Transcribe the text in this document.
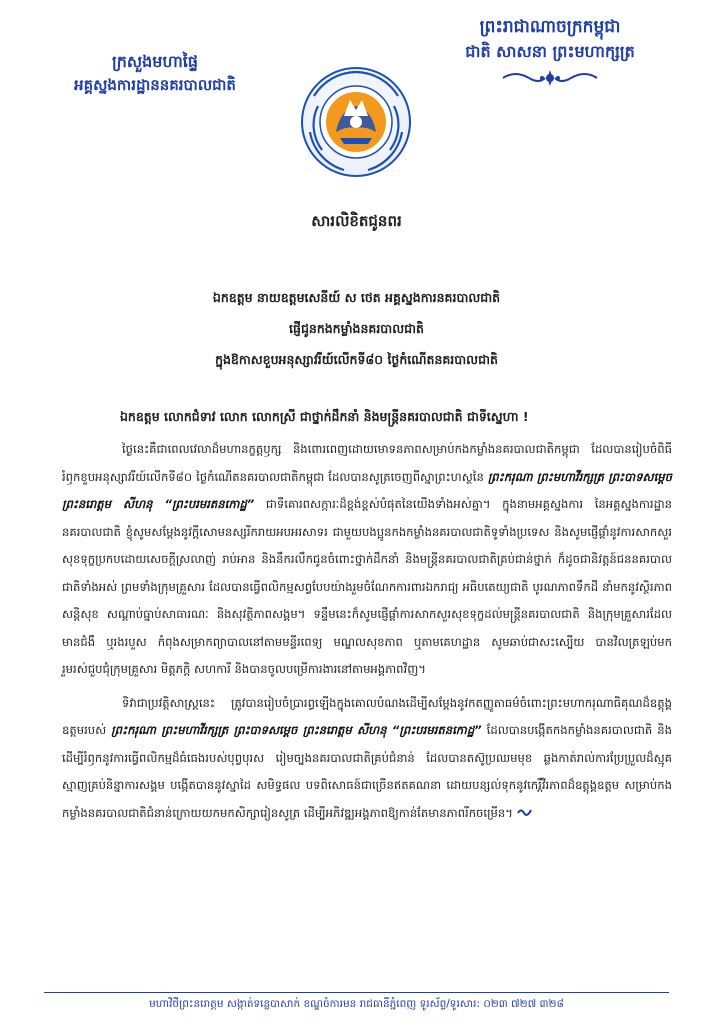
ក្រសួងមហាផ្ទៃ
អគ្គស្នងការដ្ឋាននគរបាលជាតិ
ព្រះរាជាណាចក្រកម្ពុជា
ជាតិ សាសនា ព្រះមហាក្សត្រ
សារលិខិតជូនពរ
ឯកឧត្តម នាយឧត្តមសេនីយ៍ ស ថេត អគ្គស្នងការនគរបាលជាតិ
ផ្ញើជូនកងកម្លាំងនគរបាលជាតិ
ក្នុងឱកាសខួបអនុស្សាវរីយ៍លើកទី៨០ ថ្ងៃកំណើតនគរបាលជាតិ
ឯកឧត្តម លោកជំទាវ លោក លោកស្រី ជាថ្នាក់ដឹកនាំ និងមន្ត្រីនគរបាលជាតិ ជាទីស្នេហា !

ថ្ងៃនេះគឺជាពេលវេលាដ៏មហានក្ខត្តឫក្ស និងពោរពេញដោយមោទនភាពសម្រាប់កងកម្លាំងនគរបាលជាតិកម្ពុជា ដែលបានរៀបចំពិធីរំឭកខួបអនុស្សាវរីយ៍លើកទី៨០ ថ្ងៃកំណើតនគរបាលជាតិកម្ពុជា ដែលបានសូត្រចេញពីស្នាព្រះហស្ថនៃ ព្រះករុណា ព្រះមហាវីរក្សត្រ ព្រះបាទសម្តេចព្រះនរោត្តម សីហនុ “ព្រះបរមរតនកោដ្ឋ” ជាទីគោរពសក្ការៈដ៏ខ្ពង់ខ្ពស់បំផុតនៃយើងទាំងអស់គ្នា។ ក្នុងនាមអគ្គស្នងការ នៃអគ្គស្នងការដ្ឋាននគរបាលជាតិ ខ្ញុំសូមសម្តែងនូវក្តីសោមនស្សរីករាយអបអរសាទរ ជាមួយបងប្អូនកងកម្លាំងនគរបាលជាតិទូទាំងប្រទេស និងសូមផ្ញើផ្តាំនូវការសាកសួរសុខទុក្ខប្រកបដោយសេចក្តីស្រលាញ់ រាប់អាន និងនឹករលឹកជូនចំពោះថ្នាក់ដឹកនាំ និងមន្ត្រីនគរបាលជាតិគ្រប់ជាន់ថ្នាក់ ក៏ដូចជានិវត្តន៍ជននគរបាលជាតិទាំងអស់ ព្រមទាំងក្រុមគ្រួសារ ដែលបានធ្វើពលិកម្មសព្វបែបយ៉ាងរួមចំណែកការពារឯករាជ្យ អធិបតេយ្យជាតិ បូរណភាពទឹកដី នាំមកនូវស្ថិរភាពសន្តិសុខ សណ្តាប់ធ្នាប់សាធារណៈ និងសុវត្ថិភាពសង្គម។ ទន្ទឹមនេះក៏សូមផ្ញើផ្តាំការសាកសួរសុខទុក្ខដល់មន្ត្រីនគរបាលជាតិ និងក្រុមគ្រួសារដែលមានជំងឺ ឬរងរបួស កំពុងសម្រាកព្យាបាលនៅតាមមន្ទីរពេទ្យ មណ្ឌលសុខភាព ឬតាមគេហដ្ឋាន សូមឆាប់ជាសះស្បើយ បានវិលត្រឡប់មករួមរស់ជួបជុំក្រុមគ្រួសារ មិត្តភក្តិ សហការី និងបានចូលបម្រើការងារនៅតាមអង្គភាពវិញ។

ទិវាជាប្រវត្តិសាស្ត្រនេះ ត្រូវបានរៀបចំប្រារព្ធឡើងក្នុងគោលបំណងដើម្បីសម្តែងនូវកតញ្ញូតាធម៌ចំពោះព្រះមហាករុណាធិគុណដ៏ឧត្តុង្គឧត្តមរបស់ ព្រះករុណា ព្រះមហាវីរក្សត្រ ព្រះបាទសម្តេច ព្រះនរោត្តម សីហនុ “ព្រះបរមរតនកោដ្ឋ” ដែលបានបង្កើតកងកម្លាំងនគរបាលជាតិ និងដើម្បីរំឭកនូវការធ្វើពលិកម្មដ៏ធំធេងរបស់បុព្វបុរស រៀមច្បងនគរបាលជាតិគ្រប់ជំនាន់ ដែលបានតស៊ូប្រឈមមុខ ឆ្លងកាត់រាល់ការប្រែប្រួលដ៏ស្មុគស្មាញគ្រប់និន្នាការសង្គម បង្កើតបាននូវស្នាដៃ សមិទ្ធផល បទពិសោធន៍ជាច្រើនឥតគណនា ដោយបន្សល់ទុកនូវកេរ្តិ៍វីរភាពដ៏ឧត្តុង្គឧត្តម សម្រាប់កងកម្លាំងនគរបាលជាតិជំនាន់ក្រោយយកមកសិក្សារៀនសូត្រ ដើម្បីអភិវឌ្ឍអង្គភាពឱ្យកាន់តែមានភាពរីកចម្រើន។

មហាវិថីព្រះនរោត្តម សង្កាត់ទន្លេបាសាក់ ខណ្ឌចំការមន រាជធានីភ្នំពេញ ទូរស័ព្ទ/ទូរសារ: ០២៣ ៧២៧ ៣២៨
